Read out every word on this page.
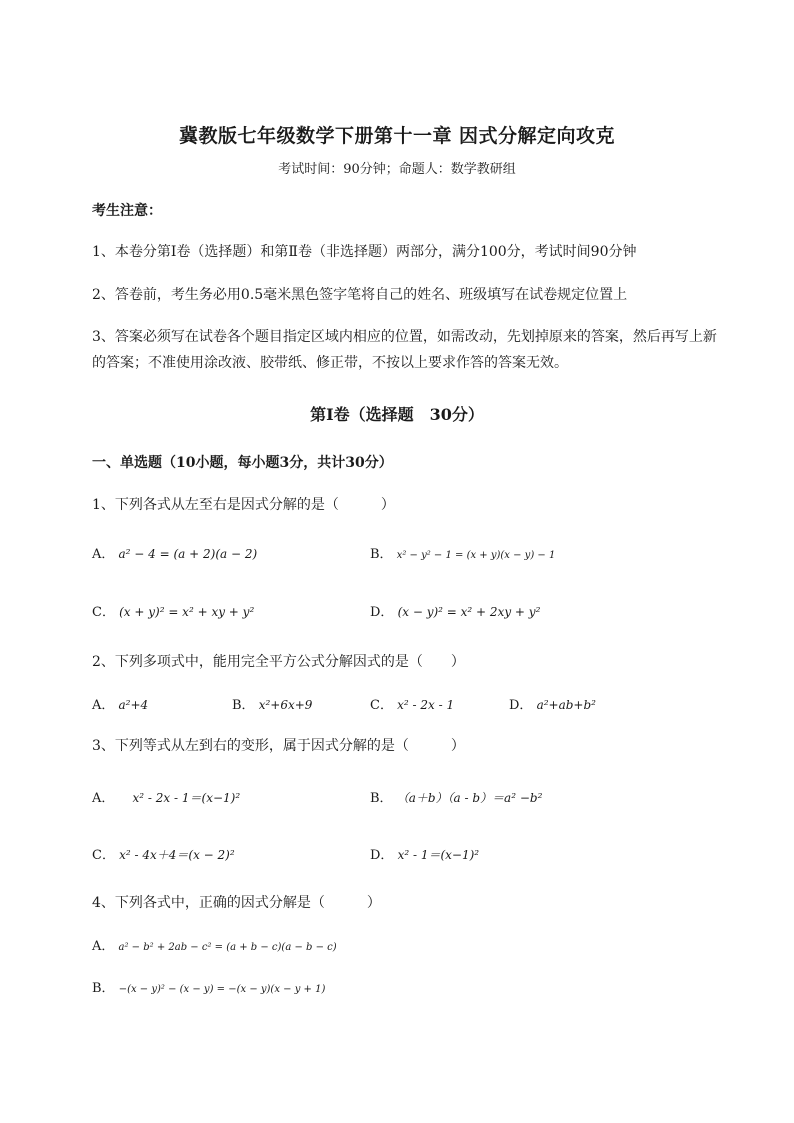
冀教版七年级数学下册第十一章 因式分解定向攻克
考试时间：90分钟；命题人：数学教研组
考生注意：
1、本卷分第I卷（选择题）和第Ⅱ卷（非选择题）两部分，满分100分，考试时间90分钟
2、答卷前，考生务必用0.5毫米黑色签字笔将自己的姓名、班级填写在试卷规定位置上
3、答案必须写在试卷各个题目指定区域内相应的位置，如需改动，先划掉原来的答案，然后再写上新
的答案；不准使用涂改液、胶带纸、修正带，不按以上要求作答的答案无效。
第I卷（选择题　30分）
一、单选题（10小题，每小题3分，共计30分）
1、下列各式从左至右是因式分解的是（　　　）
A． a² − 4 = (a + 2)(a − 2)	B． x² − y² − 1 = (x + y)(x − y) − 1
C． (x + y)² = x² + xy + y²	D． (x − y)² = x² + 2xy + y²
2、下列多项式中，能用完全平方公式分解因式的是（　　）
A． a²+4	B． x²+6x+9	C． x² - 2x - 1	D． a²+ab+b²
3、下列等式从左到右的变形，属于因式分解的是（　　　）
A． x² - 2x - 1＝(x−1)²	B． （a＋b）（a - b）＝a² −b²
C． x² - 4x＋4＝(x − 2)²	D． x² - 1＝(x−1)²
4、下列各式中，正确的因式分解是（　　　）
A． a² − b² + 2ab − c² = (a + b − c)(a − b − c)
B． −(x − y)² − (x − y) = −(x − y)(x − y + 1)
